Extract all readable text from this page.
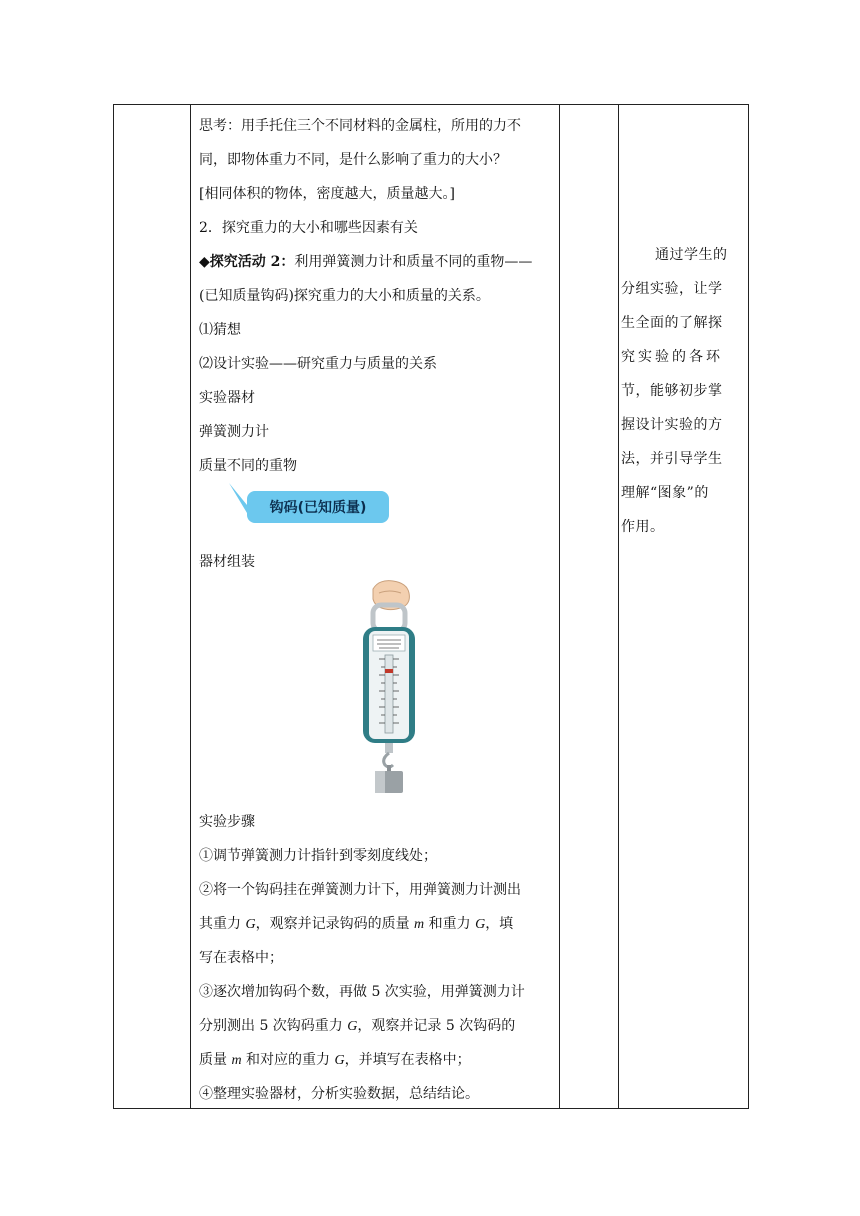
思考：用手托住三个不同材料的金属柱，所用的力不
同，即物体重力不同，是什么影响了重力的大小？
[相同体积的物体，密度越大，质量越大。]
2．探究重力的大小和哪些因素有关
◆探究活动 2：利用弹簧测力计和质量不同的重物——
(已知质量钩码)探究重力的大小和质量的关系。
⑴猜想
⑵设计实验——研究重力与质量的关系
实验器材
弹簧测力计
质量不同的重物
钩码(已知质量)
器材组装
实验步骤
①调节弹簧测力计指针到零刻度线处；
②将一个钩码挂在弹簧测力计下，用弹簧测力计测出
其重力 G，观察并记录钩码的质量 m 和重力 G，填
写在表格中；
③逐次增加钩码个数，再做 5 次实验，用弹簧测力计
分别测出 5 次钩码重力 G，观察并记录 5 次钩码的
质量 m 和对应的重力 G，并填写在表格中；
④整理实验器材，分析实验数据，总结结论。
通过学生的
分组实验，让学
生全面的了解探
究实验的各环
节，能够初步掌
握设计实验的方
法，并引导学生
理解“图象”的
作用。
